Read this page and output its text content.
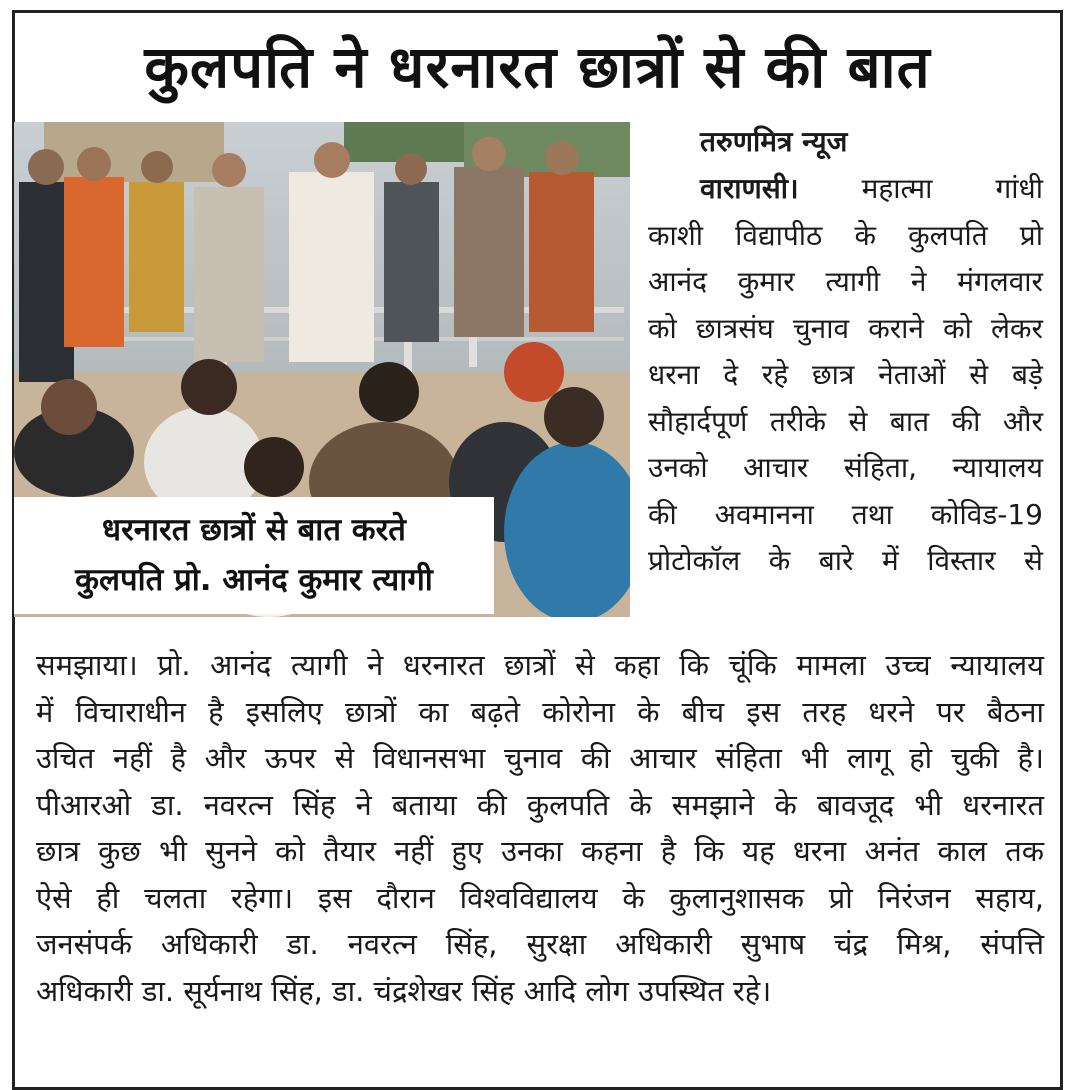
कुलपति ने धरनारत छात्रों से की बात
धरनारत छात्रों से बात करते
कुलपति प्रो. आनंद कुमार त्यागी
तरुणमित्र न्यूज
वाराणसी। महात्मा गांधी
काशी विद्यापीठ के कुलपति प्रो
आनंद कुमार त्यागी ने मंगलवार
को छात्रसंघ चुनाव कराने को लेकर
धरना दे रहे छात्र नेताओं से बड़े
सौहार्दपूर्ण तरीके से बात की और
उनको आचार संहिता, न्यायालय
की अवमानना तथा कोविड-19
प्रोटोकॉल के बारे में विस्तार से
समझाया। प्रो. आनंद त्यागी ने धरनारत छात्रों से कहा कि चूंकि मामला उच्च न्यायालय
में विचाराधीन है इसलिए छात्रों का बढ़ते कोरोना के बीच इस तरह धरने पर बैठना
उचित नहीं है और ऊपर से विधानसभा चुनाव की आचार संहिता भी लागू हो चुकी है।
पीआरओ डा. नवरत्न सिंह ने बताया की कुलपति के समझाने के बावजूद भी धरनारत
छात्र कुछ भी सुनने को तैयार नहीं हुए उनका कहना है कि यह धरना अनंत काल तक
ऐसे ही चलता रहेगा। इस दौरान विश्वविद्यालय के कुलानुशासक प्रो निरंजन सहाय,
जनसंपर्क अधिकारी डा. नवरत्न सिंह, सुरक्षा अधिकारी सुभाष चंद्र मिश्र, संपत्ति
अधिकारी डा. सूर्यनाथ सिंह, डा. चंद्रशेखर सिंह आदि लोग उपस्थित रहे।
